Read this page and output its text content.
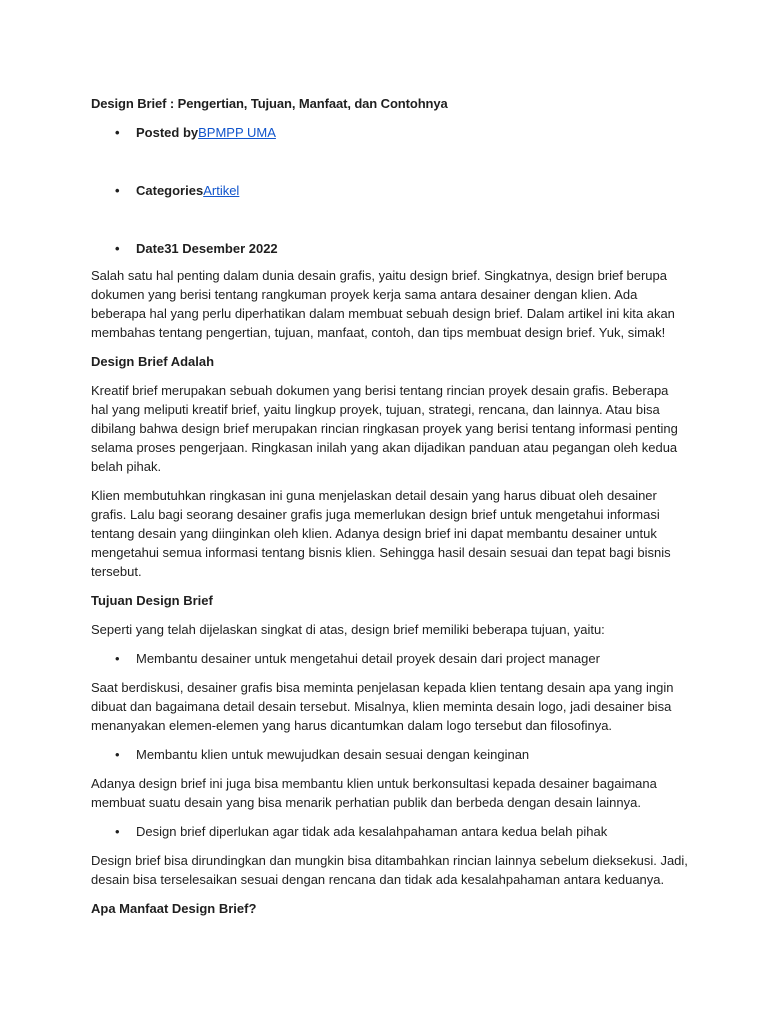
Design Brief : Pengertian, Tujuan, Manfaat, dan Contohnya
• Posted byBPMPP UMA
• CategoriesArtikel
• Date31 Desember 2022

Salah satu hal penting dalam dunia desain grafis, yaitu design brief. Singkatnya, design brief berupa dokumen yang berisi tentang rangkuman proyek kerja sama antara desainer dengan klien. Ada beberapa hal yang perlu diperhatikan dalam membuat sebuah design brief. Dalam artikel ini kita akan membahas tentang pengertian, tujuan, manfaat, contoh, dan tips membuat design brief. Yuk, simak!

Design Brief Adalah

Kreatif brief merupakan sebuah dokumen yang berisi tentang rincian proyek desain grafis. Beberapa hal yang meliputi kreatif brief, yaitu lingkup proyek, tujuan, strategi, rencana, dan lainnya. Atau bisa dibilang bahwa design brief merupakan rincian ringkasan proyek yang berisi tentang informasi penting selama proses pengerjaan. Ringkasan inilah yang akan dijadikan panduan atau pegangan oleh kedua belah pihak.

Klien membutuhkan ringkasan ini guna menjelaskan detail desain yang harus dibuat oleh desainer grafis. Lalu bagi seorang desainer grafis juga memerlukan design brief untuk mengetahui informasi tentang desain yang diinginkan oleh klien. Adanya design brief ini dapat membantu desainer untuk mengetahui semua informasi tentang bisnis klien. Sehingga hasil desain sesuai dan tepat bagi bisnis tersebut.

Tujuan Design Brief

Seperti yang telah dijelaskan singkat di atas, design brief memiliki beberapa tujuan, yaitu:

• Membantu desainer untuk mengetahui detail proyek desain dari project manager

Saat berdiskusi, desainer grafis bisa meminta penjelasan kepada klien tentang desain apa yang ingin dibuat dan bagaimana detail desain tersebut. Misalnya, klien meminta desain logo, jadi desainer bisa menanyakan elemen-elemen yang harus dicantumkan dalam logo tersebut dan filosofinya.

• Membantu klien untuk mewujudkan desain sesuai dengan keinginan

Adanya design brief ini juga bisa membantu klien untuk berkonsultasi kepada desainer bagaimana membuat suatu desain yang bisa menarik perhatian publik dan berbeda dengan desain lainnya.

• Design brief diperlukan agar tidak ada kesalahpahaman antara kedua belah pihak

Design brief bisa dirundingkan dan mungkin bisa ditambahkan rincian lainnya sebelum dieksekusi. Jadi, desain bisa terselesaikan sesuai dengan rencana dan tidak ada kesalahpahaman antara keduanya.

Apa Manfaat Design Brief?
